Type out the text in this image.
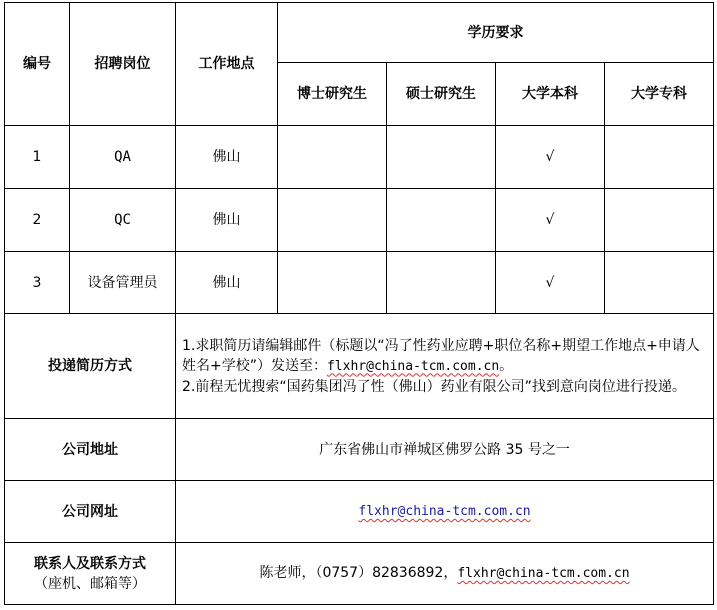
编号	招聘岗位	工作地点	学历要求			
			博士研究生	硕士研究生	大学本科	大学专科
1	QA	佛山			√	
2	QC	佛山			√	
3	设备管理员	佛山			√	
投递简历方式		1.求职简历请编辑邮件（标题以“冯了性药业应聘+职位名称+期望工作地点+申请人姓名+学校”）发送至：flxhr@china-tcm.com.cn。
2.前程无忧搜索“国药集团冯了性（佛山）药业有限公司”找到意向岗位进行投递。				
公司地址		广东省佛山市禅城区佛罗公路 35 号之一				
公司网址		flxhr@china-tcm.com.cn				
联系人及联系方式
（座机、邮箱等）		陈老师，（0757）82836892，flxhr@china-tcm.com.cn				
